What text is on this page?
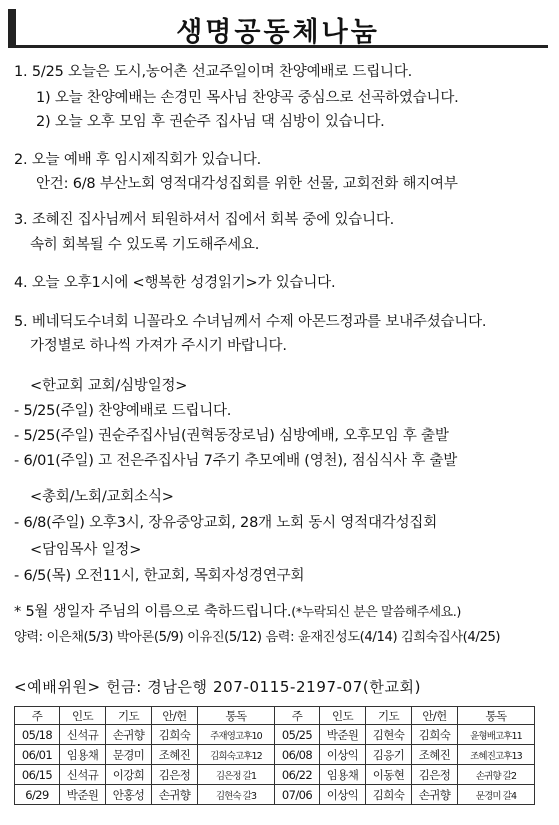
생명공동체나눔
1. 5/25 오늘은 도시,농어촌 선교주일이며 찬양예배로 드립니다.
1) 오늘 찬양예배는 손경민 목사님 찬양곡 중심으로 선곡하였습니다.
2) 오늘 오후 모임 후 권순주 집사님 댁 심방이 있습니다.
2. 오늘 예배 후 임시제직회가 있습니다.
안건: 6/8 부산노회 영적대각성집회를 위한 선물, 교회전화 해지여부
3. 조혜진 집사님께서 퇴원하셔서 집에서 회복 중에 있습니다.
속히 회복될 수 있도록 기도해주세요.
4. 오늘 오후1시에 <행복한 성경읽기>가 있습니다.
5. 베네딕도수녀회 니꼴라오 수녀님께서 수제 아몬드정과를 보내주셨습니다.
가정별로 하나씩 가져가 주시기 바랍니다.
<한교회 교회/심방일정>
- 5/25(주일) 찬양예배로 드립니다.
- 5/25(주일) 권순주집사님(권혁동장로님) 심방예배, 오후모임 후 출발
- 6/01(주일) 고 전은주집사님 7주기 추모예배 (영천), 점심식사 후 출발
<총회/노회/교회소식>
- 6/8(주일) 오후3시, 장유중앙교회, 28개 노회 동시 영적대각성집회
<담임목사 일정>
- 6/5(목) 오전11시, 한교회, 목회자성경연구회
* 5월 생일자 주님의 이름으로 축하드립니다.(*누락되신 분은 말씀해주세요.)
양력: 이은채(5/3) 박아론(5/9) 이유진(5/12) 음력: 윤재진성도(4/14) 김희숙집사(4/25)
<예배위원> 헌금: 경남은행 207-0115-2197-07(한교회)
주	인도	기도	안/헌	통독	주	인도	기도	안/헌	통독
05/18	신석규	손귀향	김희숙	주재영고후10	05/25	박준원	김현숙	김희숙	윤형배고후11
06/01	임용채	문경미	조혜진	김희숙고후12	06/08	이상익	김응기	조혜진	조혜진고후13
06/15	신석규	이강희	김은정	김은정 갈1	06/22	임용채	이동현	김은정	손귀향 갈2
6/29	박준원	안홍성	손귀향	김현숙 갈3	07/06	이상익	김희숙	손귀향	문경미 갈4
